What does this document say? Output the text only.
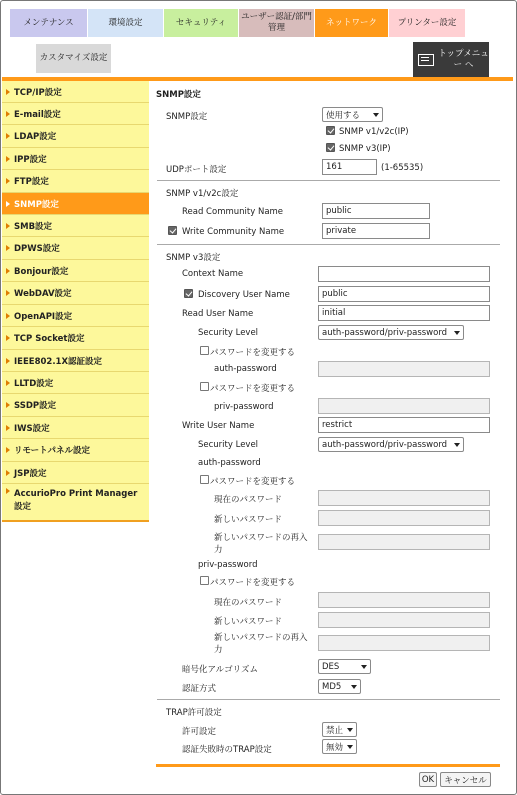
メンテナンス	環境設定	セキュリティ
ユーザー認証/部門
管理
ネットワーク プリンター設定
カスタマイズ設定	トップメニュ
ー へ
TCP/IP設定
E-mail設定
LDAP設定
IPP設定
FTP設定
SNMP設定
SMB設定
DPWS設定
Bonjour設定
WebDAV設定
OpenAPI設定
TCP Socket設定
IEEE802.1X認証設定
LLTD設定
SSDP設定
IWS設定
リモートパネル設定
JSP設定
AccurioPro Print Manager
設定
SNMP設定
SNMP設定	使用する
SNMP v1/v2c(IP)
SNMP v3(IP)
UDPポート設定	161	(1-65535)
SNMP v1/v2c設定
Read Community Name	public
Write Community Name	private
SNMP v3設定
Context Name
Discovery User Name	public
Read User Name	initial
Security Level	auth-password/priv-password
パスワードを変更する
auth-password
パスワードを変更する
priv-password
Write User Name	restrict
Security Level	auth-password/priv-password
auth-password
パスワードを変更する
現在のパスワード
新しいパスワード
新しいパスワードの再入
力
priv-password
パスワードを変更する
現在のパスワード
新しいパスワード
新しいパスワードの再入
力
暗号化アルゴリズム	DES
認証方式	MD5
TRAP許可設定
許可設定	禁止
認証失敗時のTRAP設定	無効
OK	キャンセル
